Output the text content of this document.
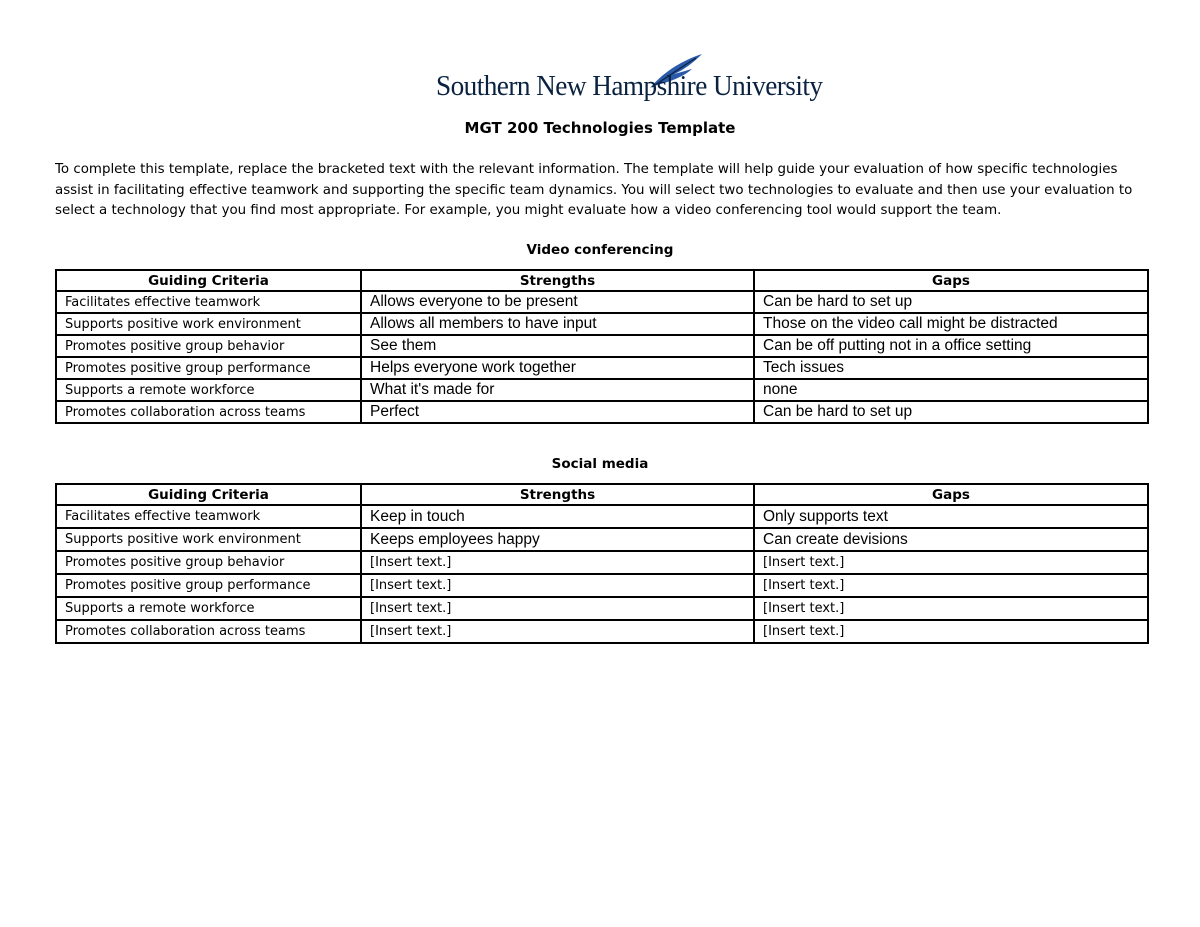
Southern New Hampshire University
MGT 200 Technologies Template
To complete this template, replace the bracketed text with the relevant information. The template will help guide your evaluation of how specific technologies assist in facilitating effective teamwork and supporting the specific team dynamics. You will select two technologies to evaluate and then use your evaluation to select a technology that you find most appropriate. For example, you might evaluate how a video conferencing tool would support the team.
Video conferencing
Guiding Criteria	Strengths	Gaps
Facilitates effective teamwork	Allows everyone to be present	Can be hard to set up
Supports positive work environment	Allows all members to have input	Those on the video call might be distracted
Promotes positive group behavior	See them	Can be off putting not in a office setting
Promotes positive group performance	Helps everyone work together	Tech issues
Supports a remote workforce	What it's made for	none
Promotes collaboration across teams	Perfect	Can be hard to set up
Social media
Guiding Criteria	Strengths	Gaps
Facilitates effective teamwork	Keep in touch	Only supports text
Supports positive work environment	Keeps employees happy	Can create devisions
Promotes positive group behavior	[Insert text.]	[Insert text.]
Promotes positive group performance	[Insert text.]	[Insert text.]
Supports a remote workforce	[Insert text.]	[Insert text.]
Promotes collaboration across teams	[Insert text.]	[Insert text.]
